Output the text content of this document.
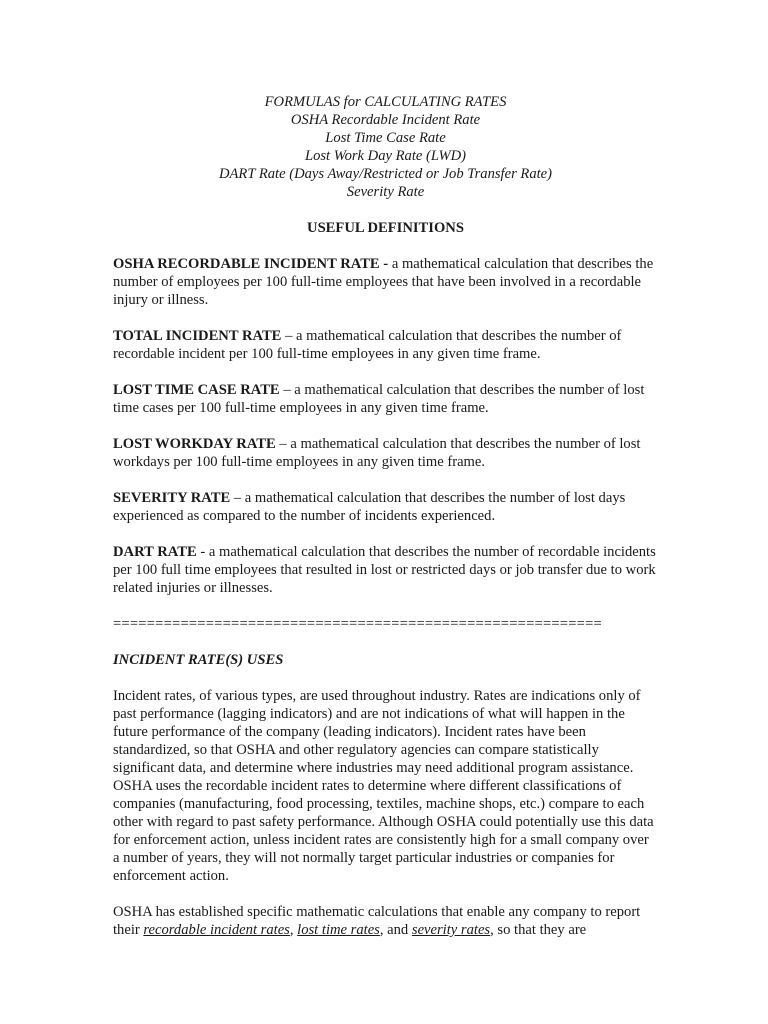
FORMULAS for CALCULATING RATES
OSHA Recordable Incident Rate
Lost Time Case Rate
Lost Work Day Rate (LWD)
DART Rate (Days Away/Restricted or Job Transfer Rate)
Severity Rate
USEFUL DEFINITIONS

OSHA RECORDABLE INCIDENT RATE - a mathematical calculation that describes the number of employees per 100 full-time employees that have been involved in a recordable injury or illness.

TOTAL INCIDENT RATE – a mathematical calculation that describes the number of recordable incident per 100 full-time employees in any given time frame.

LOST TIME CASE RATE – a mathematical calculation that describes the number of lost time cases per 100 full-time employees in any given time frame.

LOST WORKDAY RATE – a mathematical calculation that describes the number of lost workdays per 100 full-time employees in any given time frame.

SEVERITY RATE – a mathematical calculation that describes the number of lost days experienced as compared to the number of incidents experienced.

DART RATE - a mathematical calculation that describes the number of recordable incidents per 100 full time employees that resulted in lost or restricted days or job transfer due to work related injuries or illnesses.

==========================================================
INCIDENT RATE(S) USES

Incident rates, of various types, are used throughout industry. Rates are indications only of past performance (lagging indicators) and are not indications of what will happen in the future performance of the company (leading indicators). Incident rates have been standardized, so that OSHA and other regulatory agencies can compare statistically significant data, and determine where industries may need additional program assistance. OSHA uses the recordable incident rates to determine where different classifications of companies (manufacturing, food processing, textiles, machine shops, etc.) compare to each other with regard to past safety performance. Although OSHA could potentially use this data for enforcement action, unless incident rates are consistently high for a small company over a number of years, they will not normally target particular industries or companies for enforcement action.

OSHA has established specific mathematic calculations that enable any company to report their recordable incident rates, lost time rates, and severity rates, so that they are
